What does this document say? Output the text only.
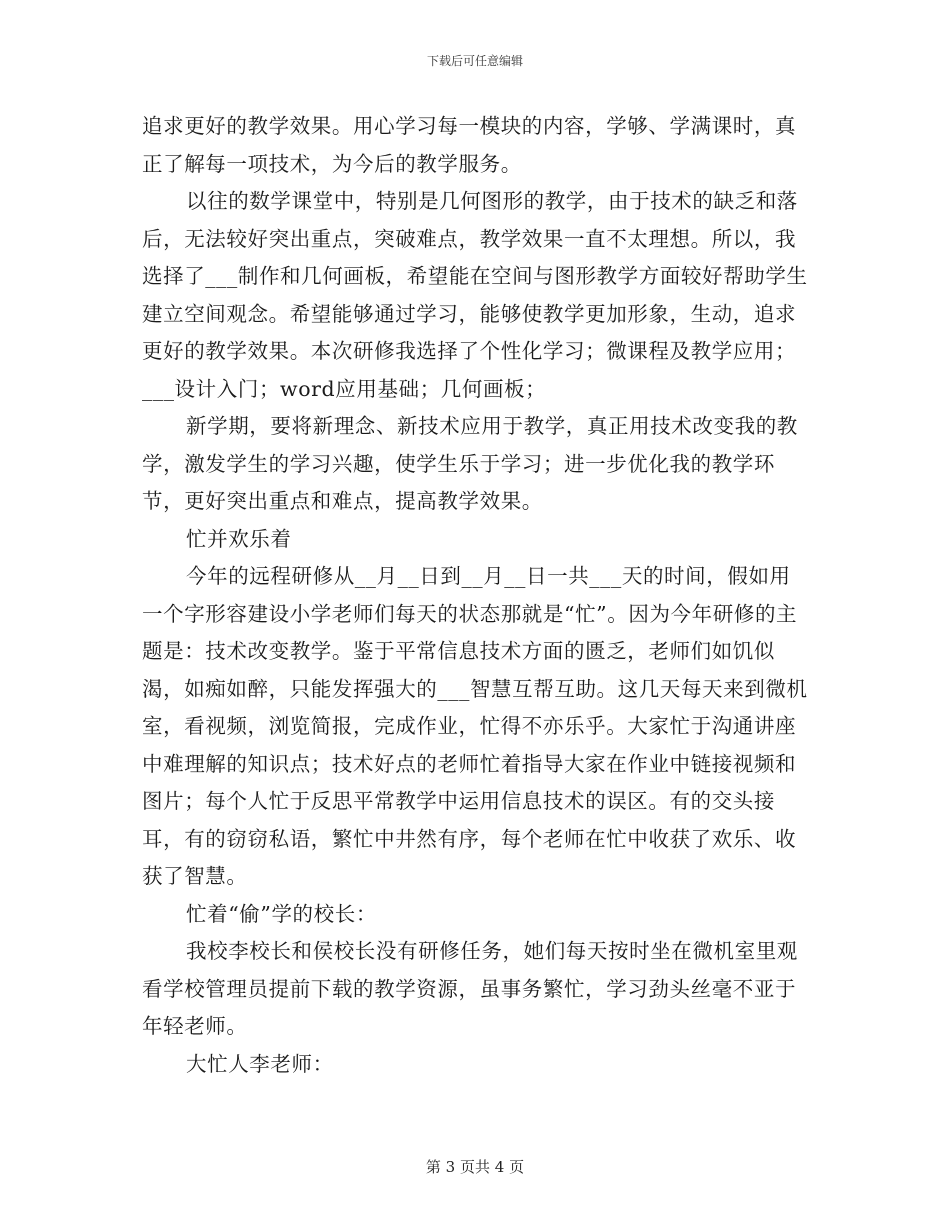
下载后可任意编辑

追求更好的教学效果。用心学习每一模块的内容，学够、学满课时，真正了解每一项技术，为今后的教学服务。

以往的数学课堂中，特别是几何图形的教学，由于技术的缺乏和落后，无法较好突出重点，突破难点，教学效果一直不太理想。所以，我选择了___制作和几何画板，希望能在空间与图形教学方面较好帮助学生建立空间观念。希望能够通过学习，能够使教学更加形象，生动，追求更好的教学效果。本次研修我选择了个性化学习；微课程及教学应用；___设计入门；word应用基础；几何画板；

新学期，要将新理念、新技术应用于教学，真正用技术改变我的教学，激发学生的学习兴趣，使学生乐于学习；进一步优化我的教学环节，更好突出重点和难点，提高教学效果。

忙并欢乐着

今年的远程研修从__月__日到__月__日一共___天的时间，假如用一个字形容建设小学老师们每天的状态那就是“忙”。因为今年研修的主题是：技术改变教学。鉴于平常信息技术方面的匮乏，老师们如饥似渴，如痴如醉，只能发挥强大的___智慧互帮互助。这几天每天来到微机室，看视频，浏览简报，完成作业，忙得不亦乐乎。大家忙于沟通讲座中难理解的知识点；技术好点的老师忙着指导大家在作业中链接视频和图片；每个人忙于反思平常教学中运用信息技术的误区。有的交头接耳，有的窃窃私语，繁忙中井然有序，每个老师在忙中收获了欢乐、收获了智慧。

忙着“偷”学的校长：

我校李校长和侯校长没有研修任务，她们每天按时坐在微机室里观看学校管理员提前下载的教学资源，虽事务繁忙，学习劲头丝毫不亚于年轻老师。

大忙人李老师：

第 3 页共 4 页
